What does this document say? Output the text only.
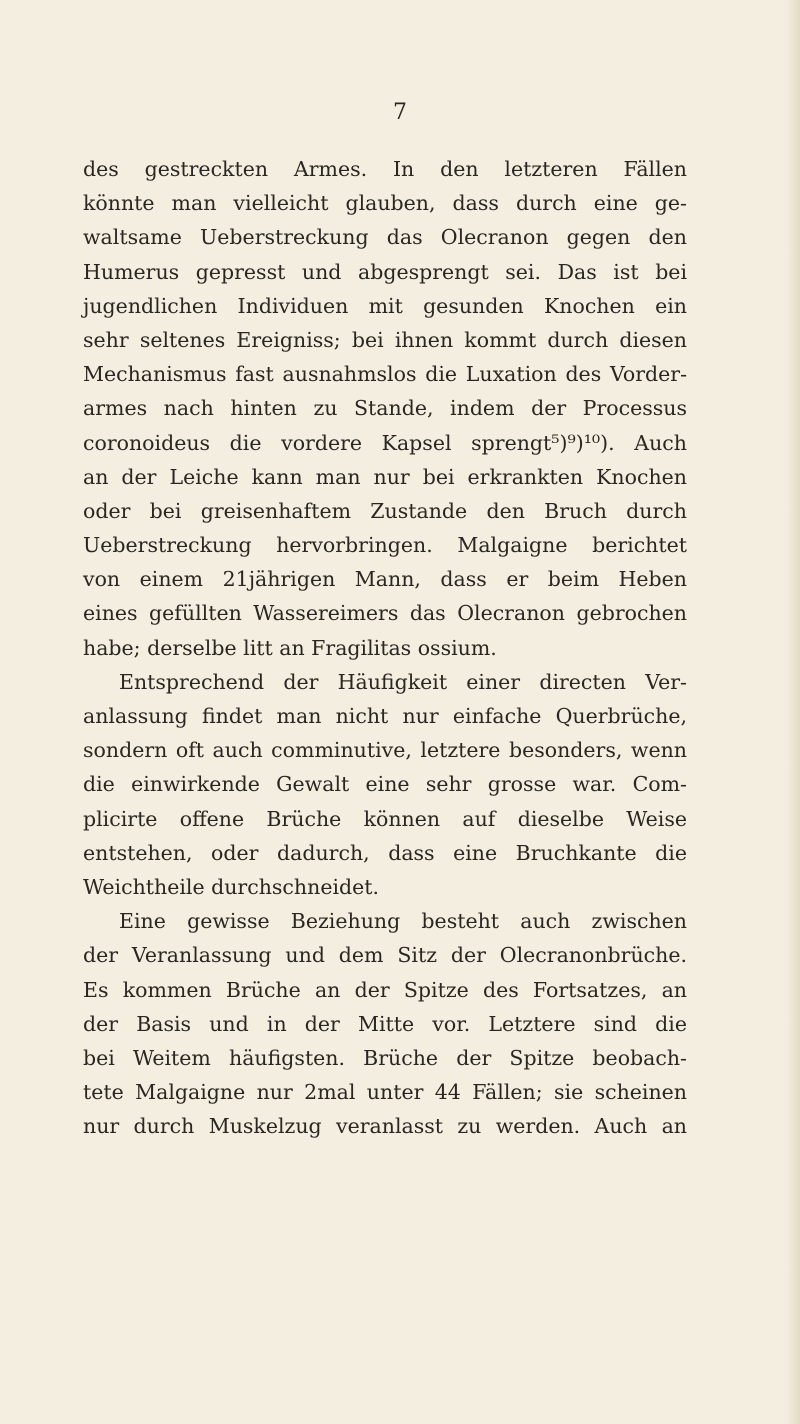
7
des gestreckten Armes. In den letzteren Fällen
könnte man vielleicht glauben, dass durch eine ge-
waltsame Ueberstreckung das Olecranon gegen den
Humerus gepresst und abgesprengt sei. Das ist bei
jugendlichen Individuen mit gesunden Knochen ein
sehr seltenes Ereigniss; bei ihnen kommt durch diesen
Mechanismus fast ausnahmslos die Luxation des Vorder-
armes nach hinten zu Stande, indem der Processus
coronoideus die vordere Kapsel sprengt⁵)⁹)¹⁰). Auch
an der Leiche kann man nur bei erkrankten Knochen
oder bei greisenhaftem Zustande den Bruch durch
Ueberstreckung hervorbringen. Malgaigne berichtet
von einem 21jährigen Mann, dass er beim Heben
eines gefüllten Wassereimers das Olecranon gebrochen
habe; derselbe litt an Fragilitas ossium.
Entsprechend der Häufigkeit einer directen Ver-
anlassung findet man nicht nur einfache Querbrüche,
sondern oft auch comminutive, letztere besonders, wenn
die einwirkende Gewalt eine sehr grosse war. Com-
plicirte offene Brüche können auf dieselbe Weise
entstehen, oder dadurch, dass eine Bruchkante die
Weichtheile durchschneidet.
Eine gewisse Beziehung besteht auch zwischen
der Veranlassung und dem Sitz der Olecranonbrüche.
Es kommen Brüche an der Spitze des Fortsatzes, an
der Basis und in der Mitte vor. Letztere sind die
bei Weitem häufigsten. Brüche der Spitze beobach-
tete Malgaigne nur 2mal unter 44 Fällen; sie scheinen
nur durch Muskelzug veranlasst zu werden. Auch an
